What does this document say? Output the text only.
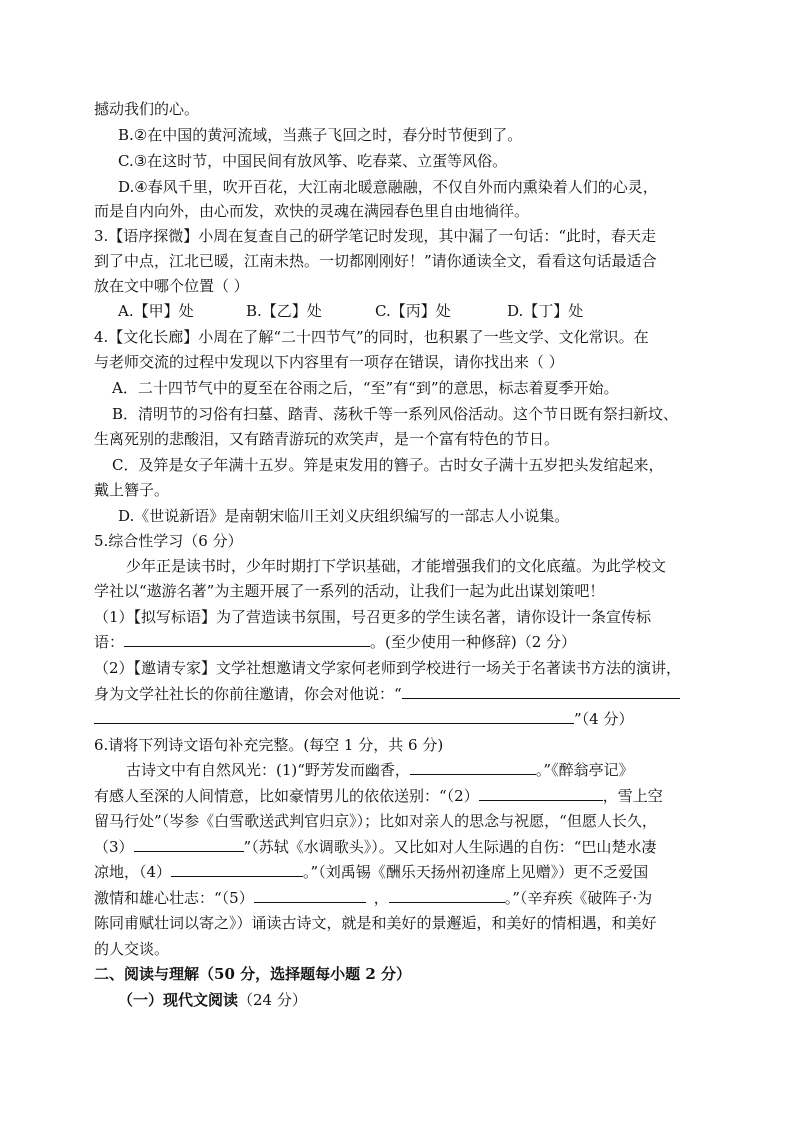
撼动我们的心。
B.②在中国的黄河流域，当燕子飞回之时，春分时节便到了。
C.③在这时节，中国民间有放风筝、吃春菜、立蛋等风俗。
D.④春风千里，吹开百花，大江南北暖意融融，不仅自外而内熏染着人们的心灵，
而是自内向外，由心而发，欢快的灵魂在满园春色里自由地徜徉。
3.【语序探微】小周在复查自己的研学笔记时发现，其中漏了一句话：“此时，春天走
到了中点，江北已暖，江南未热。一切都刚刚好！”请你通读全文，看看这句话最适合
放在文中哪个位置（ ）
A.【甲】处	B.【乙】处	C.【丙】处	D.【丁】处
4.【文化长廊】小周在了解“二十四节气”的同时，也积累了一些文学、文化常识。在
与老师交流的过程中发现以下内容里有一项存在错误，请你找出来（ ）
A．二十四节气中的夏至在谷雨之后，“至”有“到”的意思，标志着夏季开始。
B．清明节的习俗有扫墓、踏青、荡秋千等一系列风俗活动。这个节日既有祭扫新坟、
生离死别的悲酸泪，又有踏青游玩的欢笑声，是一个富有特色的节日。
C．及笄是女子年满十五岁。笄是束发用的簪子。古时女子满十五岁把头发绾起来，
戴上簪子。
D.《世说新语》是南朝宋临川王刘义庆组织编写的一部志人小说集。
5.综合性学习（6 分）
少年正是读书时，少年时期打下学识基础，才能增强我们的文化底蕴。为此学校文
学社以“遨游名著”为主题开展了一系列的活动，让我们一起为此出谋划策吧！
（1）【拟写标语】为了营造读书氛围，号召更多的学生读名著，请你设计一条宣传标
语：	。(至少使用一种修辞)（2 分）
（2）【邀请专家】文学社想邀请文学家何老师到学校进行一场关于名著读书方法的演讲，
身为文学社社长的你前往邀请，你会对他说：“
”（4 分）
6.请将下列诗文语句补充完整。(每空 1 分，共 6 分)
古诗文中有自然风光：(1)“野芳发而幽香，	。”《醉翁亭记》
有感人至深的人间情意，比如豪情男儿的依依送别：“（2）	，雪上空
留马行处”（岑参《白雪歌送武判官归京》）；比如对亲人的思念与祝愿，“但愿人长久，
（3）	”（苏轼《水调歌头》）。又比如对人生际遇的自伤：“巴山楚水凄
凉地，（4）	。”（刘禹锡《酬乐天扬州初逢席上见赠》）更不乏爱国
激情和雄心壮志：“（5）	，	。”（辛弃疾《破阵子·为
陈同甫赋壮词以寄之》）诵读古诗文，就是和美好的景邂逅，和美好的情相遇，和美好
的人交谈。
二、阅读与理解（50 分，选择题每小题 2 分）
（一）现代文阅读（24 分）
